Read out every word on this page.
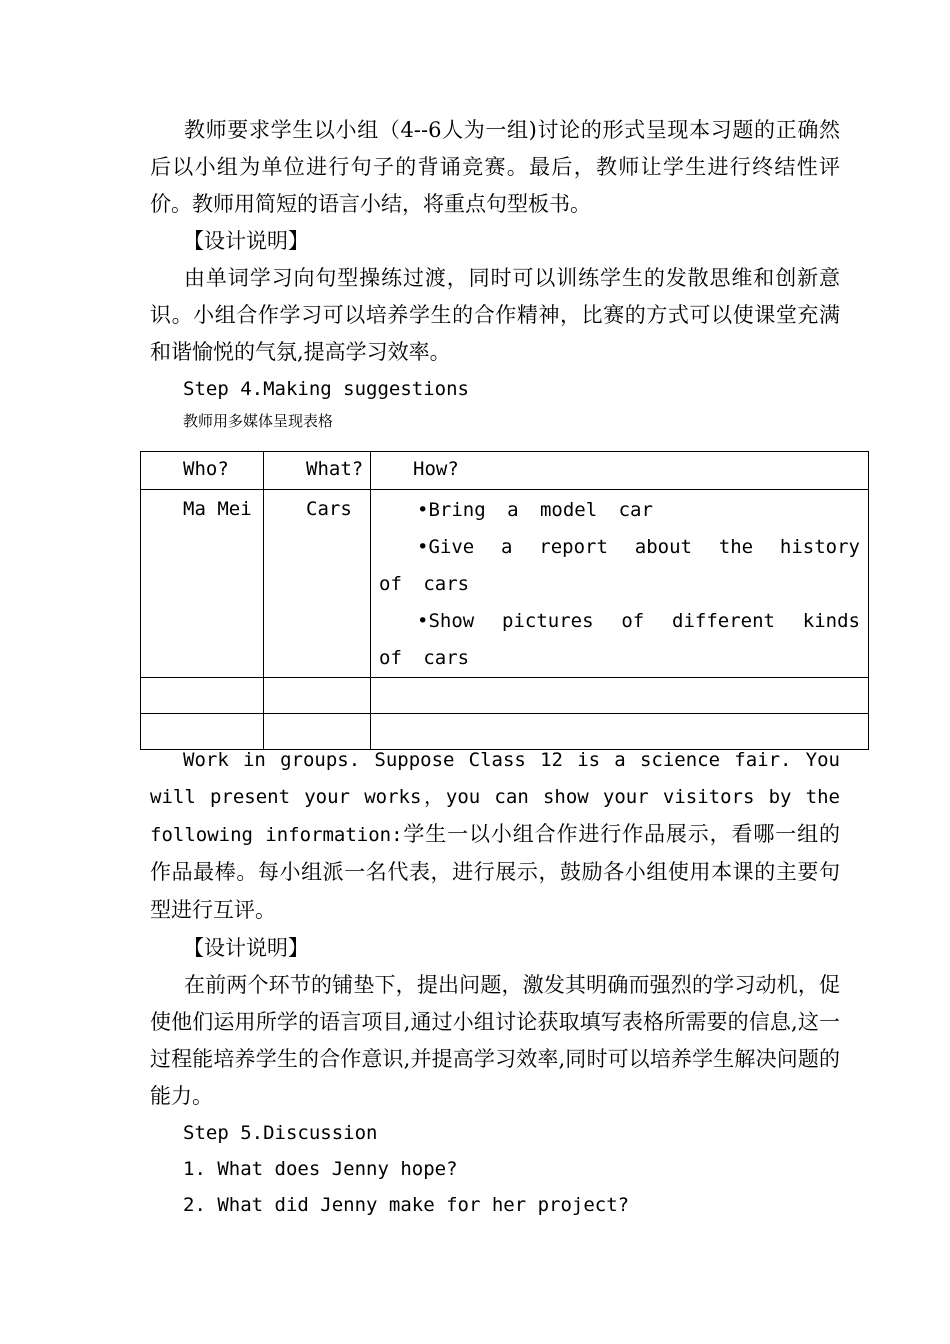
教师要求学生以小组（4--6人为一组)讨论的形式呈现本习题的正确然后以小组为单位进行句子的背诵竞赛。最后，教师让学生进行终结性评价。教师用简短的语言小结，将重点句型板书。

【设计说明】

由单词学习向句型操练过渡，同时可以训练学生的发散思维和创新意识。小组合作学习可以培养学生的合作精神，比赛的方式可以使课堂充满和谐愉悦的气氛,提高学习效率。

Step 4.Making suggestions

教师用多媒体呈现表格

Who?	What?	How?
Ma Mei	Cars	•Bring a model car
•Give a report about the history of cars
•Show pictures of different kinds of cars

Work in groups. Suppose Class 12 is a science fair. You will present your works，you can show your visitors by the following information:学生一以小组合作进行作品展示，看哪一组的作品最棒。每小组派一名代表，进行展示，鼓励各小组使用本课的主要句型进行互评。

【设计说明】

在前两个环节的铺垫下，提出问题，激发其明确而强烈的学习动机，促使他们运用所学的语言项目,通过小组讨论获取填写表格所需要的信息,这一过程能培养学生的合作意识,并提高学习效率,同时可以培养学生解决问题的能力。

Step 5.Discussion

1. What does Jenny hope?

2. What did Jenny make for her project?
